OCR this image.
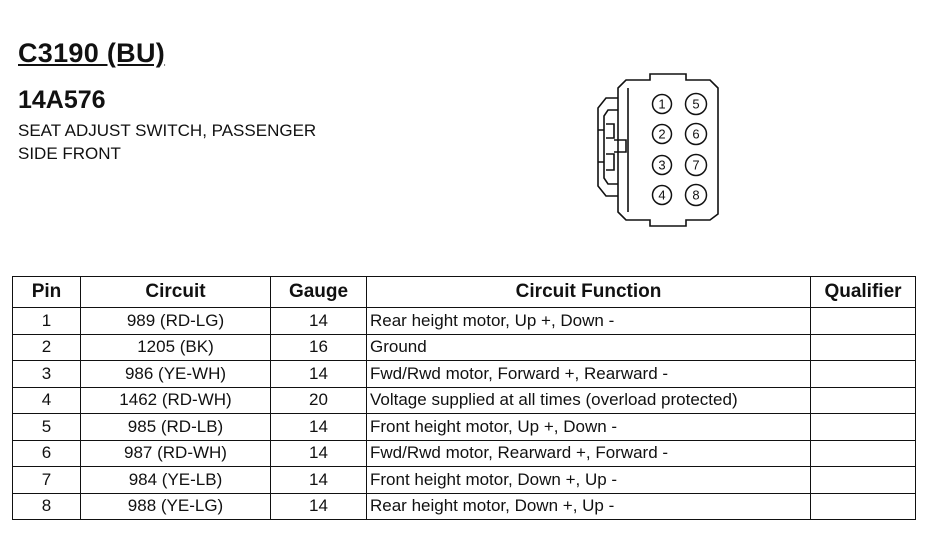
C3190 (BU)
14A576
SEAT ADJUST SWITCH, PASSENGER
SIDE FRONT
1
2
3
4
5
6
7
8
Pin	Circuit	Gauge	Circuit Function	Qualifier
1	989 (RD-LG)	14	Rear height motor, Up +, Down -	
2	1205 (BK)	16	Ground	
3	986 (YE-WH)	14	Fwd/Rwd motor, Forward +, Rearward -	
4	1462 (RD-WH)	20	Voltage supplied at all times (overload protected)	
5	985 (RD-LB)	14	Front height motor, Up +, Down -	
6	987 (RD-WH)	14	Fwd/Rwd motor, Rearward +, Forward -	
7	984 (YE-LB)	14	Front height motor, Down +, Up -	
8	988 (YE-LG)	14	Rear height motor, Down +, Up -	
